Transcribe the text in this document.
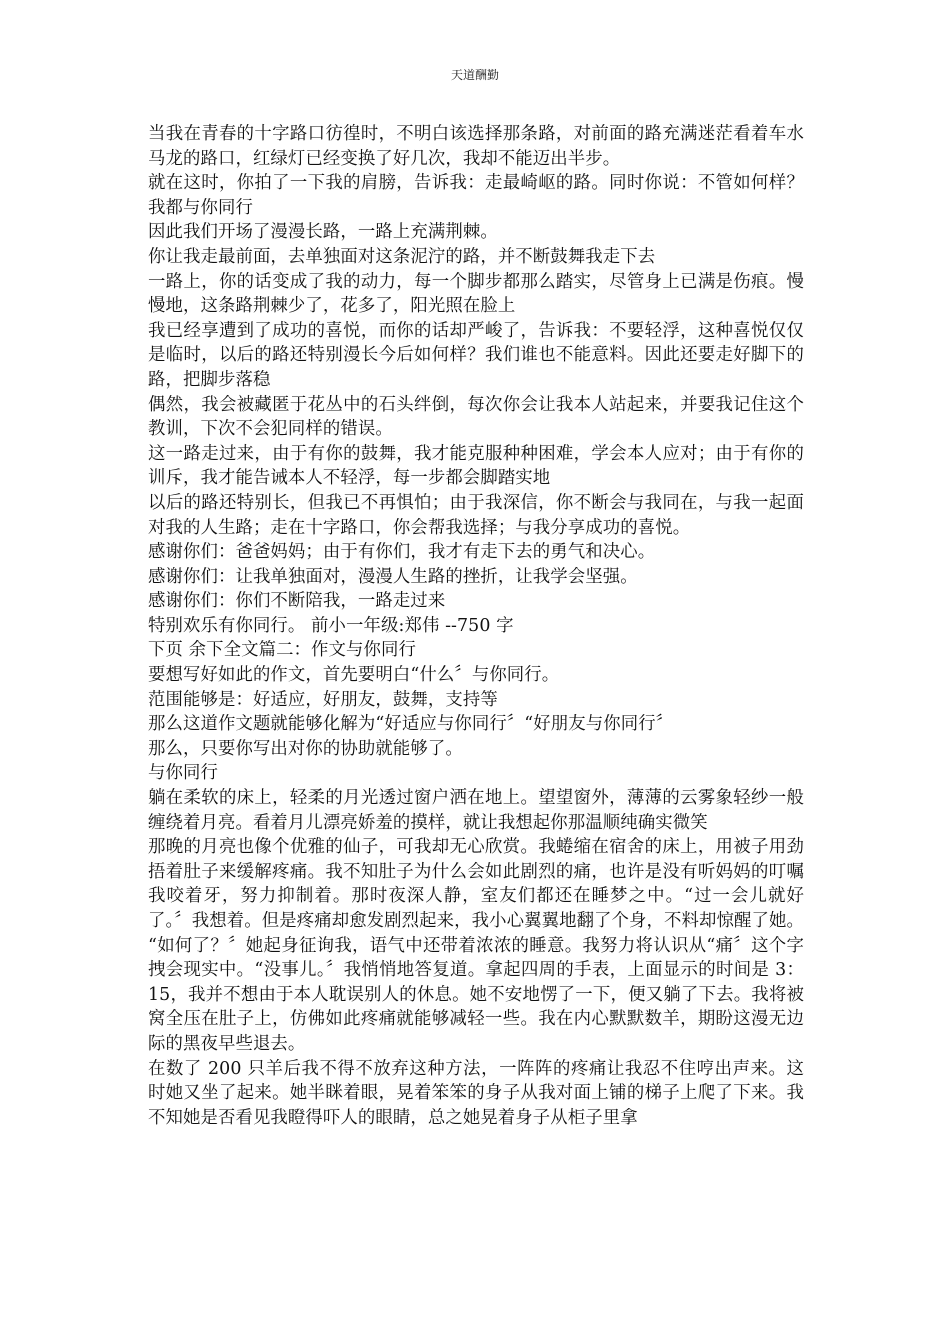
天道酬勤

当我在青春的十字路口彷徨时，不明白该选择那条路，对前面的路充满迷茫看着车水马龙的路口，红绿灯已经变换了好几次，我却不能迈出半步。

就在这时，你拍了一下我的肩膀，告诉我：走最崎岖的路。同时你说：不管如何样？我都与你同行

因此我们开场了漫漫长路，一路上充满荆棘。

你让我走最前面，去单独面对这条泥泞的路，并不断鼓舞我走下去

一路上，你的话变成了我的动力，每一个脚步都那么踏实，尽管身上已满是伤痕。慢慢地，这条路荆棘少了，花多了，阳光照在脸上

我已经享遭到了成功的喜悦，而你的话却严峻了，告诉我：不要轻浮，这种喜悦仅仅是临时，以后的路还特别漫长今后如何样？我们谁也不能意料。因此还要走好脚下的路，把脚步落稳

偶然，我会被藏匿于花丛中的石头绊倒，每次你会让我本人站起来，并要我记住这个教训，下次不会犯同样的错误。

这一路走过来，由于有你的鼓舞，我才能克服种种困难，学会本人应对；由于有你的训斥，我才能告诫本人不轻浮，每一步都会脚踏实地

以后的路还特别长，但我已不再惧怕；由于我深信，你不断会与我同在，与我一起面对我的人生路；走在十字路口，你会帮我选择；与我分享成功的喜悦。

感谢你们：爸爸妈妈；由于有你们，我才有走下去的勇气和决心。

感谢你们：让我单独面对，漫漫人生路的挫折，让我学会坚强。

感谢你们：你们不断陪我，一路走过来

特别欢乐有你同行。 前小一年级:郑伟 --750 字

下页 余下全文篇二：作文与你同行

要想写好如此的作文，首先要明白“什么〞与你同行。

范围能够是：好适应，好朋友，鼓舞，支持等

那么这道作文题就能够化解为“好适应与你同行〞“好朋友与你同行〞

那么，只要你写出对你的协助就能够了。

与你同行

躺在柔软的床上，轻柔的月光透过窗户洒在地上。望望窗外，薄薄的云雾象轻纱一般缠绕着月亮。看着月儿漂亮娇羞的摸样，就让我想起你那温顺纯确实微笑

那晚的月亮也像个优雅的仙子，可我却无心欣赏。我蜷缩在宿舍的床上，用被子用劲捂着肚子来缓解疼痛。我不知肚子为什么会如此剧烈的痛，也许是没有听妈妈的叮嘱我咬着牙，努力抑制着。那时夜深人静，室友们都还在睡梦之中。“过一会儿就好了。〞我想着。但是疼痛却愈发剧烈起来，我小心翼翼地翻了个身，不料却惊醒了她。

“如何了？〞她起身征询我，语气中还带着浓浓的睡意。我努力将认识从“痛〞这个字拽会现实中。“没事儿。〞我悄悄地答复道。拿起四周的手表，上面显示的时间是 3：15，我并不想由于本人耽误别人的休息。她不安地愣了一下，便又躺了下去。我将被窝全压在肚子上，仿佛如此疼痛就能够减轻一些。我在内心默默数羊，期盼这漫无边际的黑夜早些退去。

在数了 200 只羊后我不得不放弃这种方法，一阵阵的疼痛让我忍不住哼出声来。这时她又坐了起来。她半眯着眼，晃着笨笨的身子从我对面上铺的梯子上爬了下来。我不知她是否看见我瞪得吓人的眼睛，总之她晃着身子从柜子里拿
